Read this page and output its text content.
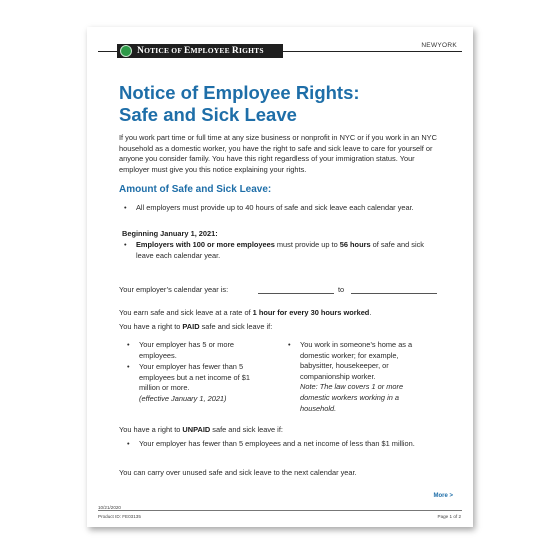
NOTICE OF EMPLOYEE RIGHTS
NEWYORK
Notice of Employee Rights:
Safe and Sick Leave
If you work part time or full time at any size business or nonprofit in NYC or if you work in an NYC household as a domestic worker, you have the right to safe and sick leave to care for yourself or anyone you consider family. You have this right regardless of your immigration status. Your employer must give you this notice explaining your rights.
Amount of Safe and Sick Leave:
• All employers must provide up to 40 hours of safe and sick leave each calendar year.
Beginning January 1, 2021:
• Employers with 100 or more employees must provide up to 56 hours of safe and sick leave each calendar year.
Your employer’s calendar year is:	to
You earn safe and sick leave at a rate of 1 hour for every 30 hours worked.
You have a right to PAID safe and sick leave if:
• Your employer has 5 or more employees.
• Your employer has fewer than 5 employees but a net income of $1 million or more.
(effective January 1, 2021)
• You work in someone’s home as a domestic worker; for example, babysitter, housekeeper, or companionship worker.
Note: The law covers 1 or more domestic workers working in a household.
You have a right to UNPAID safe and sick leave if:
• Your employer has fewer than 5 employees and a net income of less than $1 million.
You can carry over unused safe and sick leave to the next calendar year.
More >
10/21/2020
Product ID: FE03135	Page 1 of 2
